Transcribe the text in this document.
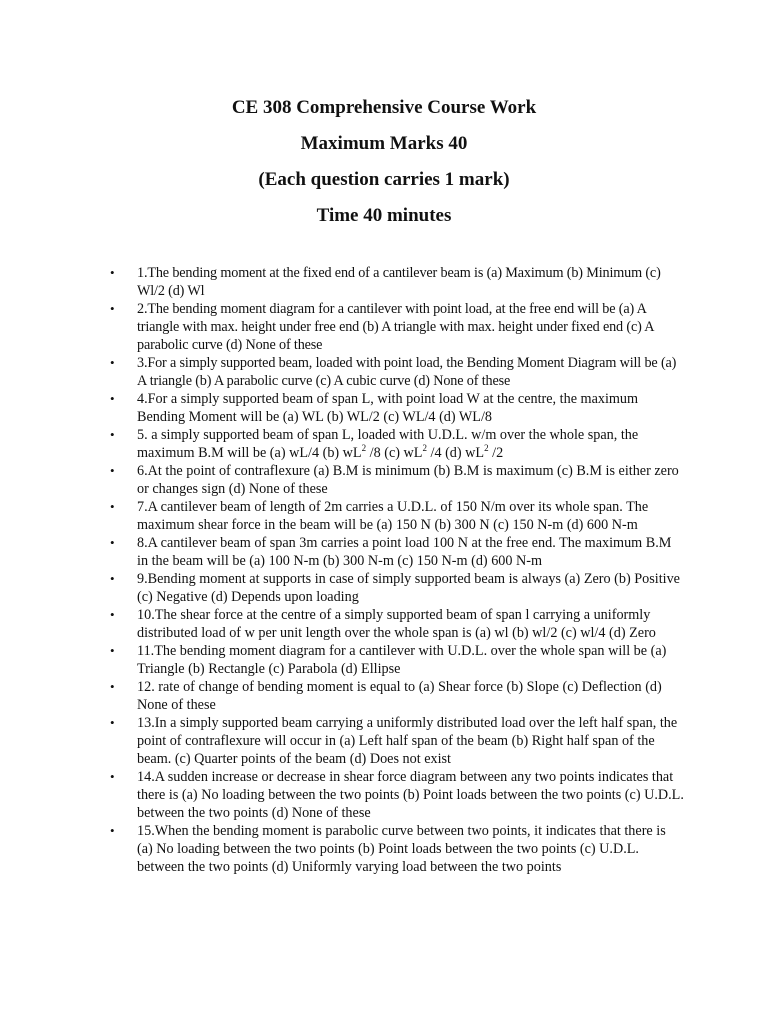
CE 308 Comprehensive Course Work
Maximum Marks 40
(Each question carries 1 mark)
Time 40 minutes
• 1.The bending moment at the fixed end of a cantilever beam is (a) Maximum (b) Minimum (c) Wl/2 (d) Wl
• 2.The bending moment diagram for a cantilever with point load, at the free end will be (a) A triangle with max. height under free end (b) A triangle with max. height under fixed end (c) A parabolic curve (d) None of these
• 3.For a simply supported beam, loaded with point load, the Bending Moment Diagram will be (a) A triangle (b) A parabolic curve (c) A cubic curve (d) None of these
• 4.For a simply supported beam of span L, with point load W at the centre, the maximum Bending Moment will be (a) WL (b) WL/2 (c) WL/4 (d) WL/8
• 5. a simply supported beam of span L, loaded with U.D.L. w/m over the whole span, the maximum B.M will be (a) wL/4 (b) $wL^2$ /8 (c) $wL^2$ /4 (d) $wL^2$ /2
• 6.At the point of contraflexure (a) B.M is minimum (b) B.M is maximum (c) B.M is either zero or changes sign (d) None of these
• 7.A cantilever beam of length of 2m carries a U.D.L. of 150 N/m over its whole span. The maximum shear force in the beam will be (a) 150 N (b) 300 N (c) 150 N-m (d) 600 N-m
• 8.A cantilever beam of span 3m carries a point load 100 N at the free end. The maximum B.M in the beam will be (a) 100 N-m (b) 300 N-m (c) 150 N-m (d) 600 N-m
• 9.Bending moment at supports in case of simply supported beam is always (a) Zero (b) Positive (c) Negative (d) Depends upon loading
• 10.The shear force at the centre of a simply supported beam of span l carrying a uniformly distributed load of w per unit length over the whole span is (a) wl (b) wl/2 (c) wl/4 (d) Zero
• 11.The bending moment diagram for a cantilever with U.D.L. over the whole span will be (a) Triangle (b) Rectangle (c) Parabola (d) Ellipse
• 12. rate of change of bending moment is equal to (a) Shear force (b) Slope (c) Deflection (d) None of these
• 13.In a simply supported beam carrying a uniformly distributed load over the left half span, the point of contraflexure will occur in (a) Left half span of the beam (b) Right half span of the beam. (c) Quarter points of the beam (d) Does not exist
• 14.A sudden increase or decrease in shear force diagram between any two points indicates that there is (a) No loading between the two points (b) Point loads between the two points (c) U.D.L. between the two points (d) None of these
• 15.When the bending moment is parabolic curve between two points, it indicates that there is (a) No loading between the two points (b) Point loads between the two points (c) U.D.L. between the two points (d) Uniformly varying load between the two points
